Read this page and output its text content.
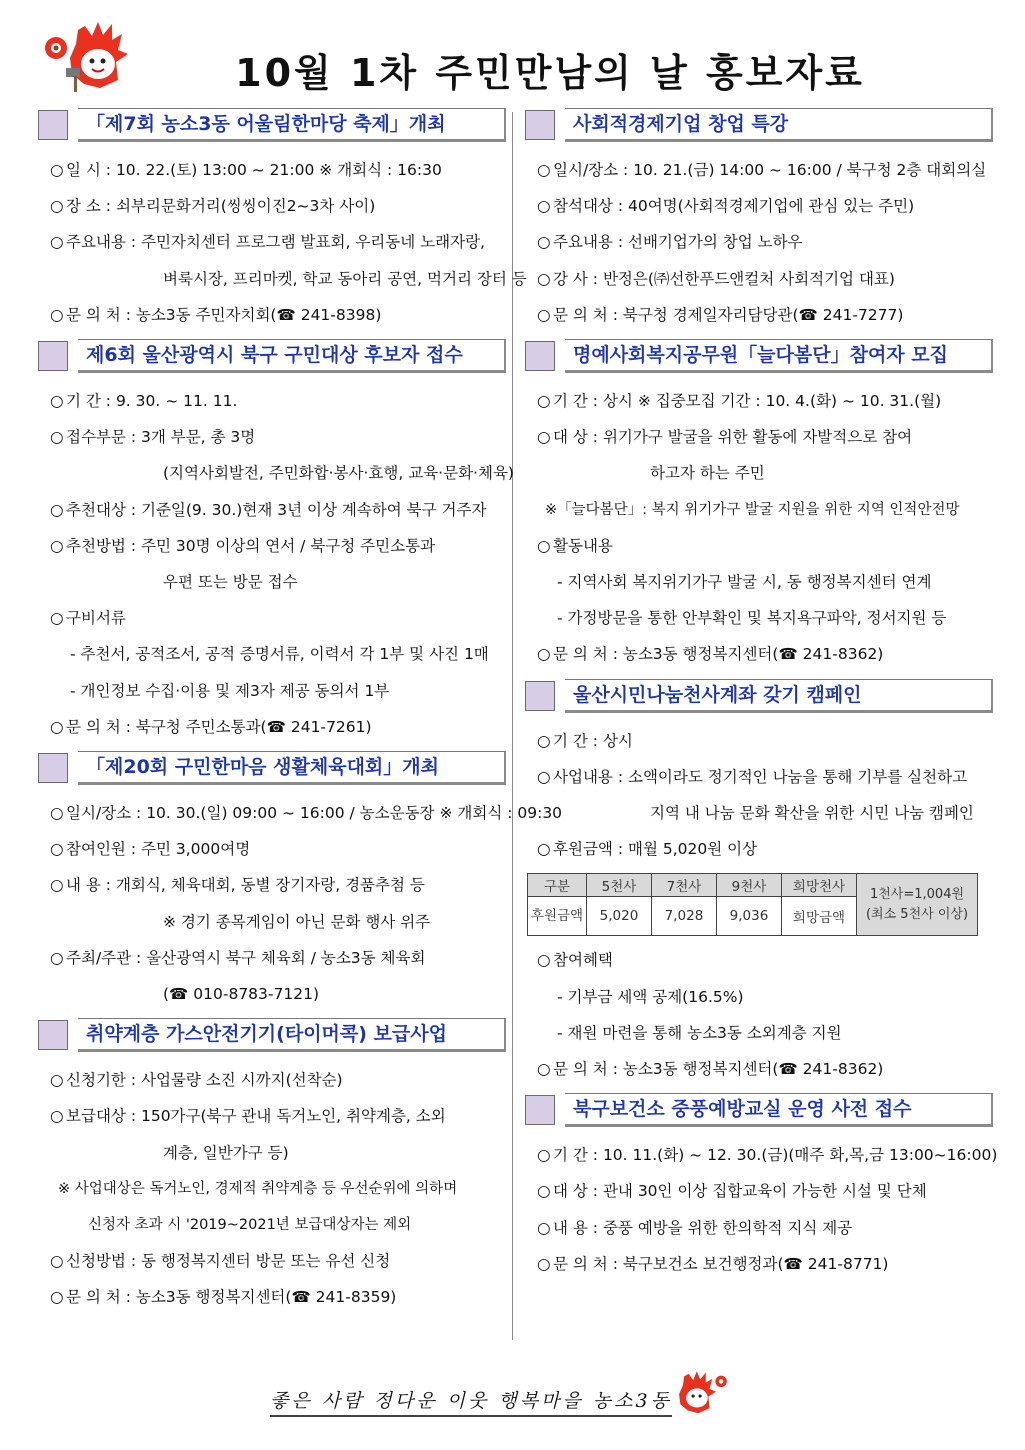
10월 1차 주민만남의 날 홍보자료
「제7회 농소3동 어울림한마당 축제」개최
○ 일 시 : 10. 22.(토) 13:00 ~ 21:00 ※ 개회식 : 16:30
○ 장 소 : 쇠부리문화거리(씽씽이진2~3차 사이)
○ 주요내용 : 주민자치센터 프로그램 발표회, 우리동네 노래자랑,
벼룩시장, 프리마켓, 학교 동아리 공연, 먹거리 장터 등
○ 문 의 처 : 농소3동 주민자치회(☎ 241-8398)
제6회 울산광역시 북구 구민대상 후보자 접수
○ 기 간 : 9. 30. ~ 11. 11.
○ 접수부문 : 3개 부문, 총 3명
(지역사회발전, 주민화합·봉사·효행, 교육·문화·체육)
○ 추천대상 : 기준일(9. 30.)현재 3년 이상 계속하여 북구 거주자
○ 추천방법 : 주민 30명 이상의 연서 / 북구청 주민소통과
우편 또는 방문 접수
○ 구비서류
- 추천서, 공적조서, 공적 증명서류, 이력서 각 1부 및 사진 1매
- 개인정보 수집·이용 및 제3자 제공 동의서 1부
○ 문 의 처 : 북구청 주민소통과(☎ 241-7261)
「제20회 구민한마음 생활체육대회」개최
○ 일시/장소 : 10. 30.(일) 09:00 ~ 16:00 / 농소운동장 ※ 개회식 : 09:30
○ 참여인원 : 주민 3,000여명
○ 내 용 : 개회식, 체육대회, 동별 장기자랑, 경품추첨 등
※ 경기 종목게임이 아닌 문화 행사 위주
○ 주최/주관 : 울산광역시 북구 체육회 / 농소3동 체육회
(☎ 010-8783-7121)
취약계층 가스안전기기(타이머콕) 보급사업
○ 신청기한 : 사업물량 소진 시까지(선착순)
○ 보급대상 : 150가구(북구 관내 독거노인, 취약계층, 소외
계층, 일반가구 등)
※ 사업대상은 독거노인, 경제적 취약계층 등 우선순위에 의하며
신청자 초과 시 '2019~2021년 보급대상자는 제외
○ 신청방법 : 동 행정복지센터 방문 또는 유선 신청
○ 문 의 처 : 농소3동 행정복지센터(☎ 241-8359)
사회적경제기업 창업 특강
○ 일시/장소 : 10. 21.(금) 14:00 ~ 16:00 / 북구청 2층 대회의실
○ 참석대상 : 40여명(사회적경제기업에 관심 있는 주민)
○ 주요내용 : 선배기업가의 창업 노하우
○ 강 사 : 반정은(㈜선한푸드앤컬처 사회적기업 대표)
○ 문 의 처 : 북구청 경제일자리담당관(☎ 241-7277)
명예사회복지공무원「늘다봄단」참여자 모집
○ 기 간 : 상시 ※ 집중모집 기간 : 10. 4.(화) ~ 10. 31.(월)
○ 대 상 : 위기가구 발굴을 위한 활동에 자발적으로 참여
하고자 하는 주민
※「늘다봄단」: 복지 위기가구 발굴 지원을 위한 지역 인적안전망
○ 활동내용
- 지역사회 복지위기가구 발굴 시, 동 행정복지센터 연계
- 가정방문을 통한 안부확인 및 복지욕구파악, 정서지원 등
○ 문 의 처 : 농소3동 행정복지센터(☎ 241-8362)
울산시민나눔천사계좌 갖기 캠페인
○ 기 간 : 상시
○ 사업내용 : 소액이라도 정기적인 나눔을 통해 기부를 실천하고
지역 내 나눔 문화 확산을 위한 시민 나눔 캠페인
○ 후원금액 : 매월 5,020원 이상
구분	5천사	7천사	9천사	희망천사	1천사=1,004원
(최소 5천사 이상)
후원금액	5,020	7,028	9,036	희망금액	
○ 참여혜택
- 기부금 세액 공제(16.5%)
- 재원 마련을 통해 농소3동 소외계층 지원
○ 문 의 처 : 농소3동 행정복지센터(☎ 241-8362)
북구보건소 중풍예방교실 운영 사전 접수
○ 기 간 : 10. 11.(화) ~ 12. 30.(금)(매주 화,목,금 13:00~16:00)
○ 대 상 : 관내 30인 이상 집합교육이 가능한 시설 및 단체
○ 내 용 : 중풍 예방을 위한 한의학적 지식 제공
○ 문 의 처 : 북구보건소 보건행정과(☎ 241-8771)
좋은 사람 정다운 이웃 행복마을 농소3동
